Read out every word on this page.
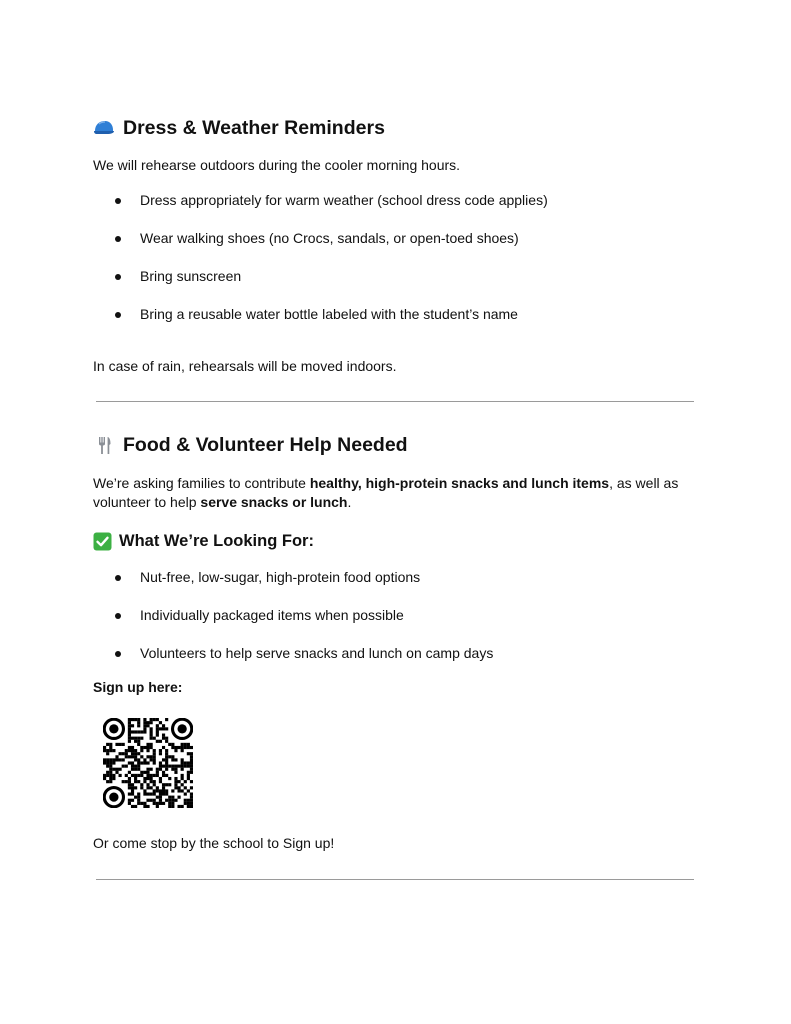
Dress & Weather Reminders

We will rehearse outdoors during the cooler morning hours.

Dress appropriately for warm weather (school dress code applies)
Wear walking shoes (no Crocs, sandals, or open-toed shoes)
Bring sunscreen
Bring a reusable water bottle labeled with the student’s name

In case of rain, rehearsals will be moved indoors.

Food & Volunteer Help Needed

We’re asking families to contribute healthy, high-protein snacks and lunch items, as well as volunteer to help serve snacks or lunch.

What We’re Looking For:
Nut-free, low-sugar, high-protein food options
Individually packaged items when possible
Volunteers to help serve snacks and lunch on camp days

Sign up here:

Or come stop by the school to Sign up!
